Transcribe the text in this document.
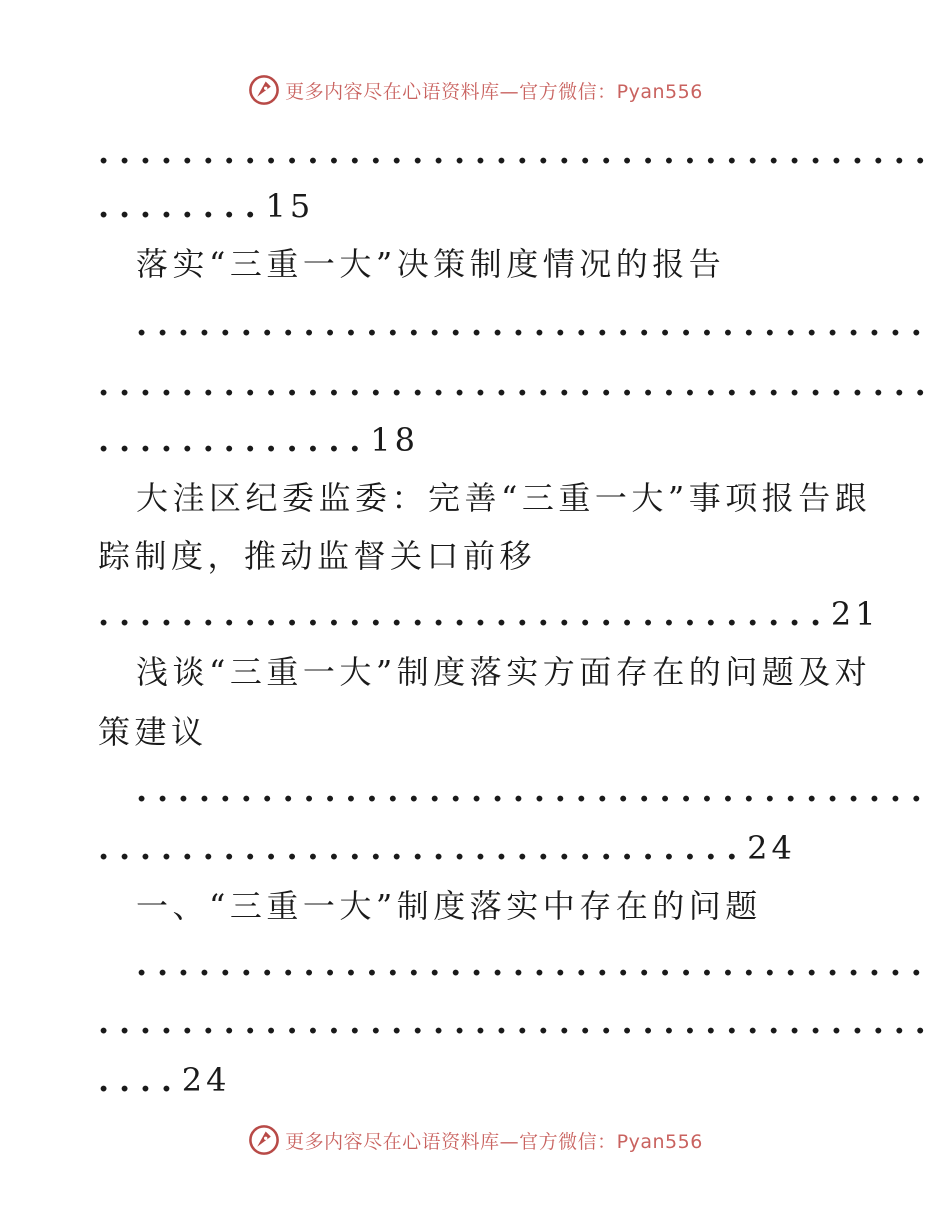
更多内容尽在心语资料库—官方微信：Pyan556
........................................
........15
落实“三重一大”决策制度情况的报告
......................................
........................................
.............18
大洼区纪委监委：完善“三重一大”事项报告跟
踪制度，推动监督关口前移
...................................21
浅谈“三重一大”制度落实方面存在的问题及对
策建议
......................................
...............................24
一、“三重一大”制度落实中存在的问题
......................................
........................................
....24
更多内容尽在心语资料库—官方微信：Pyan556
